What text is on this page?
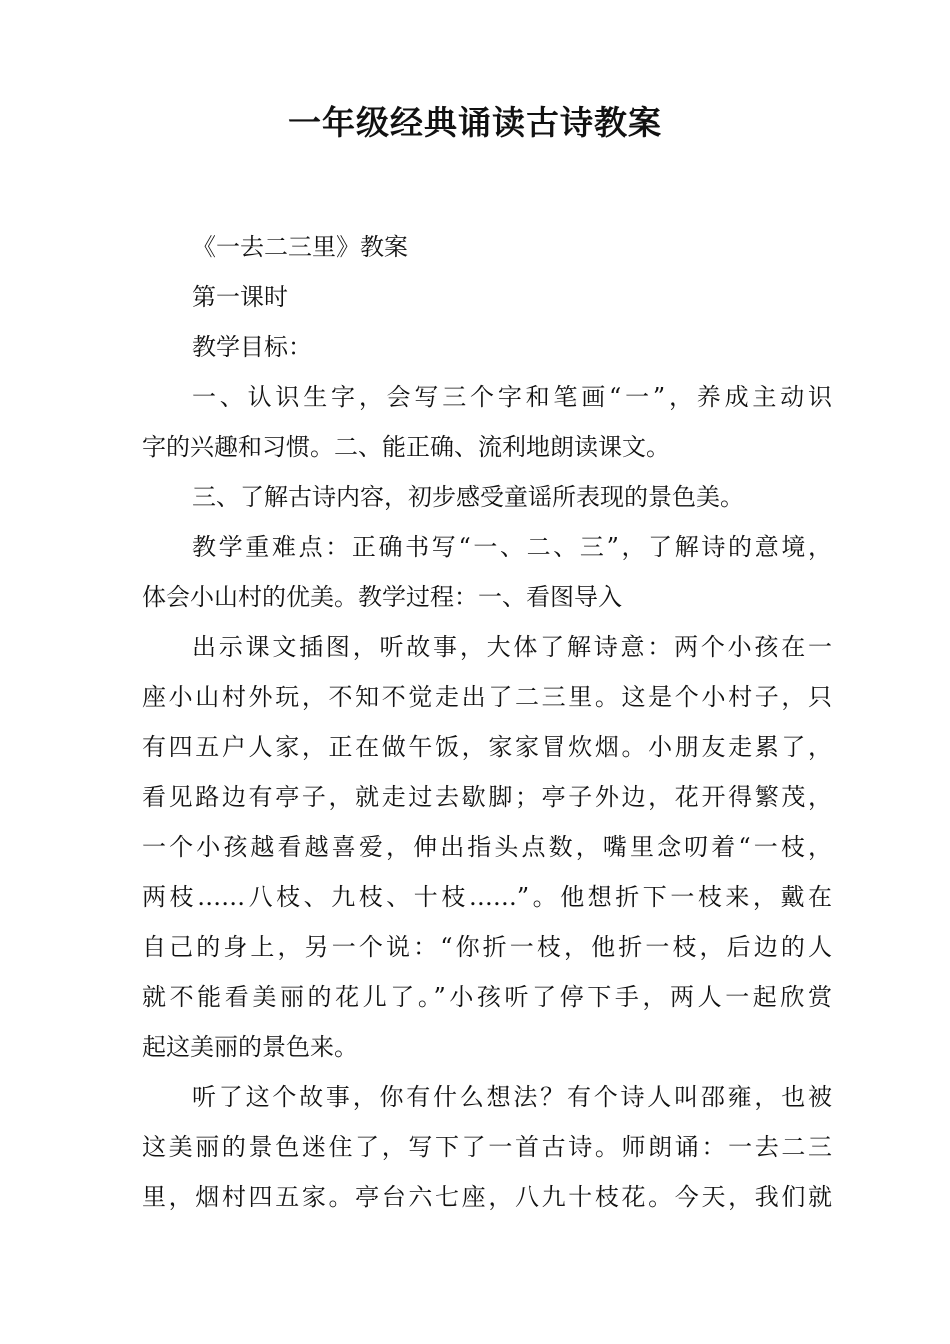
一年级经典诵读古诗教案
《一去二三里》教案
第一课时
教学目标：
一、认识生字，会写三个字和笔画“一”，养成主动识
字的兴趣和习惯。二、能正确、流利地朗读课文。
三、了解古诗内容，初步感受童谣所表现的景色美。
教学重难点：正确书写“一、二、三”，了解诗的意境，
体会小山村的优美。教学过程：一、看图导入
出示课文插图，听故事，大体了解诗意：两个小孩在一
座小山村外玩，不知不觉走出了二三里。这是个小村子，只
有四五户人家，正在做午饭，家家冒炊烟。小朋友走累了，
看见路边有亭子，就走过去歇脚；亭子外边，花开得繁茂，
一个小孩越看越喜爱，伸出指头点数，嘴里念叨着“一枝，
两枝……八枝、九枝、十枝……”。他想折下一枝来，戴在
自己的身上，另一个说：“你折一枝，他折一枝，后边的人
就不能看美丽的花儿了。”小孩听了停下手，两人一起欣赏
起这美丽的景色来。
听了这个故事，你有什么想法？有个诗人叫邵雍，也被
这美丽的景色迷住了，写下了一首古诗。师朗诵：一去二三
里，烟村四五家。亭台六七座，八九十枝花。今天，我们就
